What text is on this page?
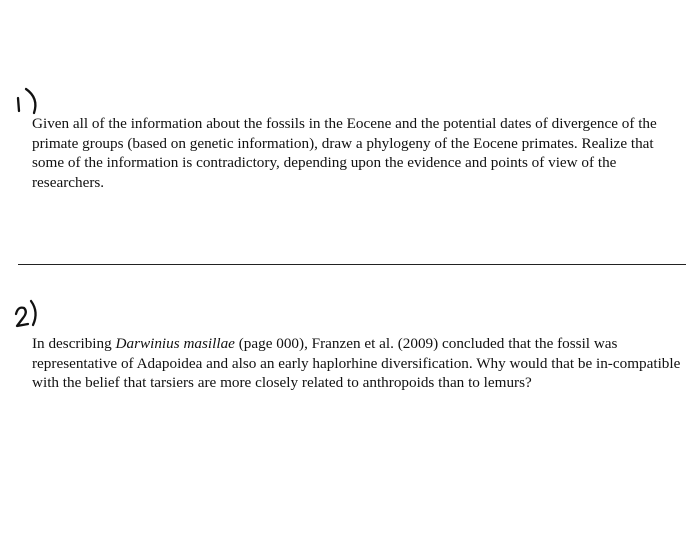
Given all of the information about the fossils in the Eocene and the potential dates of divergence of the primate groups (based on genetic information), draw a phylogeny of the Eocene primates. Realize that some of the information is contradictory, depending upon the evidence and points of view of the researchers.

In describing Darwinius masillae (page 000), Franzen et al. (2009) concluded that the fossil was representative of Adapoidea and also an early haplorhine diversification. Why would that be in-compatible with the belief that tarsiers are more closely related to anthropoids than to lemurs?
